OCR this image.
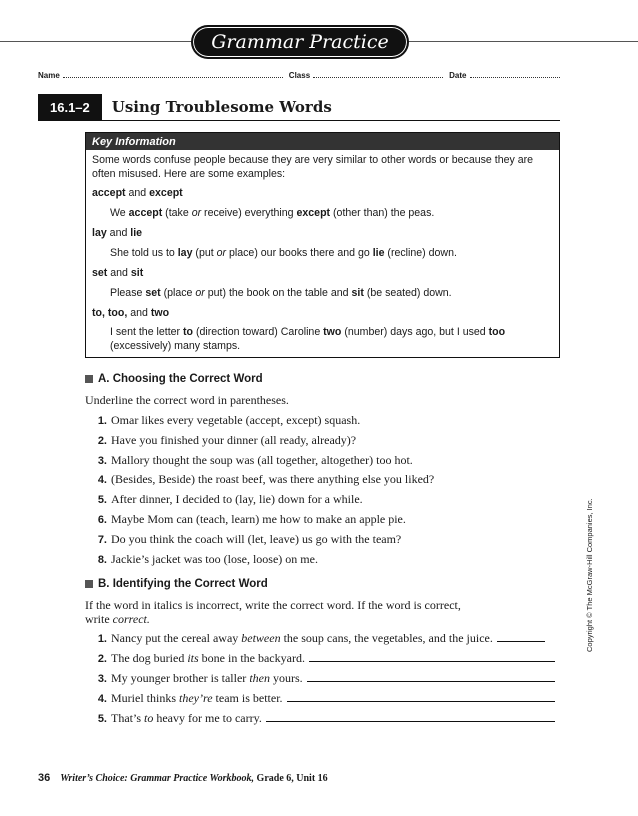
Grammar Practice
Name	Class	Date
16.1–2	Using Troublesome Words
Key Information
Some words confuse people because they are very similar to other words or because they are
often misused. Here are some examples:
accept and except
We accept (take or receive) everything except (other than) the peas.
lay and lie
She told us to lay (put or place) our books there and go lie (recline) down.
set and sit
Please set (place or put) the book on the table and sit (be seated) down.
to, too, and two
I sent the letter to (direction toward) Caroline two (number) days ago, but I used too
(excessively) many stamps.
A. Choosing the Correct Word
Underline the correct word in parentheses.
1. Omar likes every vegetable (accept, except) squash.
2. Have you finished your dinner (all ready, already)?
3. Mallory thought the soup was (all together, altogether) too hot.
4. (Besides, Beside) the roast beef, was there anything else you liked?
5. After dinner, I decided to (lay, lie) down for a while.
6. Maybe Mom can (teach, learn) me how to make an apple pie.
7. Do you think the coach will (let, leave) us go with the team?
8. Jackie’s jacket was too (lose, loose) on me.
B. Identifying the Correct Word
If the word in italics is incorrect, write the correct word. If the word is correct,
write correct.
1. Nancy put the cereal away between the soup cans, the vegetables, and the juice.
2. The dog buried its bone in the backyard.
3. My younger brother is taller then yours.
4. Muriel thinks they’re team is better.
5. That’s to heavy for me to carry.
Copyright © The McGraw-Hill Companies, Inc.
36 Writer’s Choice: Grammar Practice Workbook, Grade 6, Unit 16
